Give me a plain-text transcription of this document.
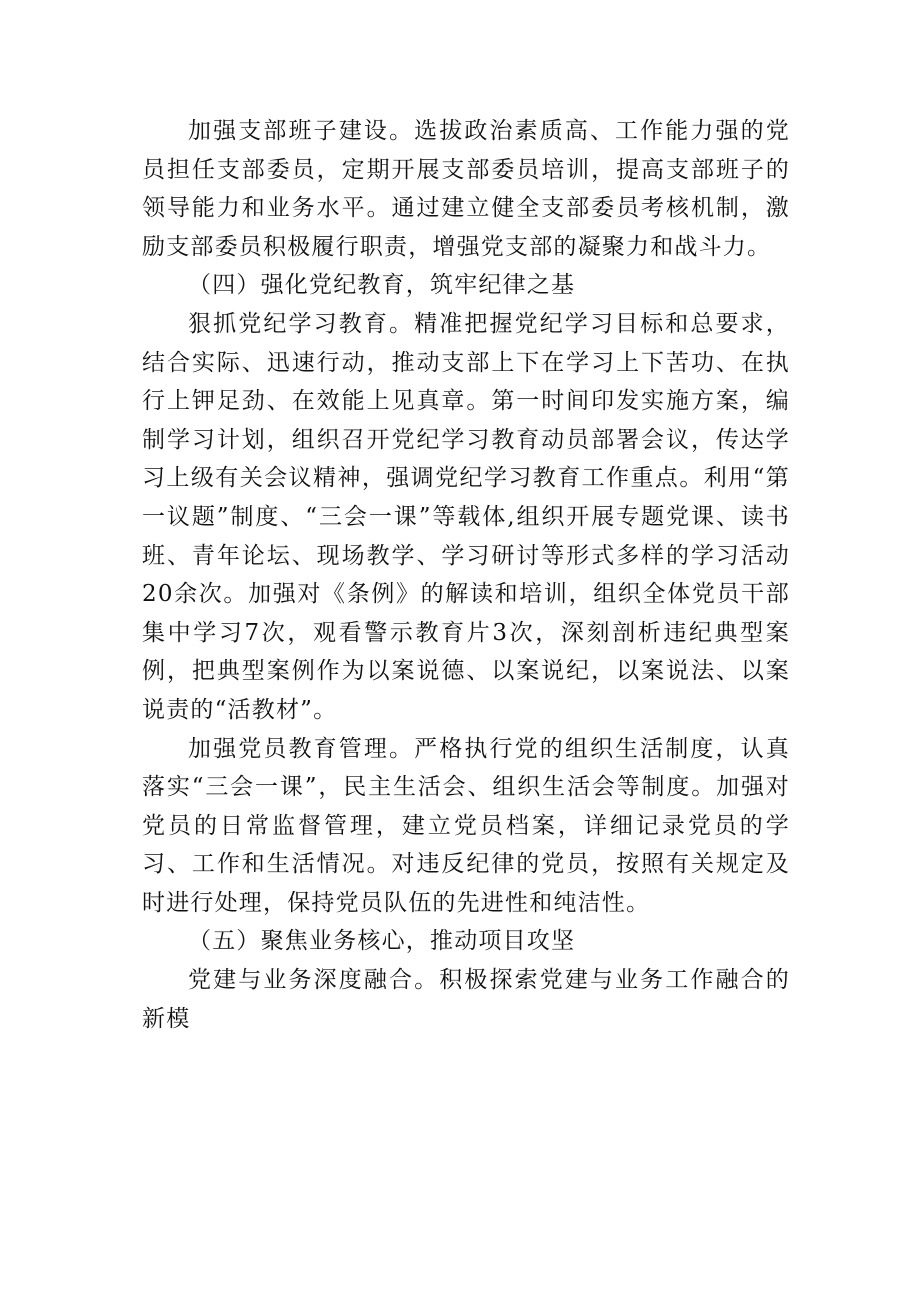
加强支部班子建设。选拔政治素质高、工作能力强的党员担任支部委员，定期开展支部委员培训，提高支部班子的领导能力和业务水平。通过建立健全支部委员考核机制，激励支部委员积极履行职责，增强党支部的凝聚力和战斗力。

（四）强化党纪教育，筑牢纪律之基

狠抓党纪学习教育。精准把握党纪学习目标和总要求，结合实际、迅速行动，推动支部上下在学习上下苦功、在执行上钾足劲、在效能上见真章。第一时间印发实施方案，编制学习计划，组织召开党纪学习教育动员部署会议，传达学习上级有关会议精神，强调党纪学习教育工作重点。利用“第一议题”制度、“三会一课”等载体,组织开展专题党课、读书班、青年论坛、现场教学、学习研讨等形式多样的学习活动20余次。加强对《条例》的解读和培训，组织全体党员干部集中学习7次，观看警示教育片3次，深刻剖析违纪典型案例，把典型案例作为以案说德、以案说纪，以案说法、以案说责的“活教材”。

加强党员教育管理。严格执行党的组织生活制度，认真落实“三会一课”，民主生活会、组织生活会等制度。加强对党员的日常监督管理，建立党员档案，详细记录党员的学习、工作和生活情况。对违反纪律的党员，按照有关规定及时进行处理，保持党员队伍的先进性和纯洁性。

（五）聚焦业务核心，推动项目攻坚

党建与业务深度融合。积极探索党建与业务工作融合的新模
